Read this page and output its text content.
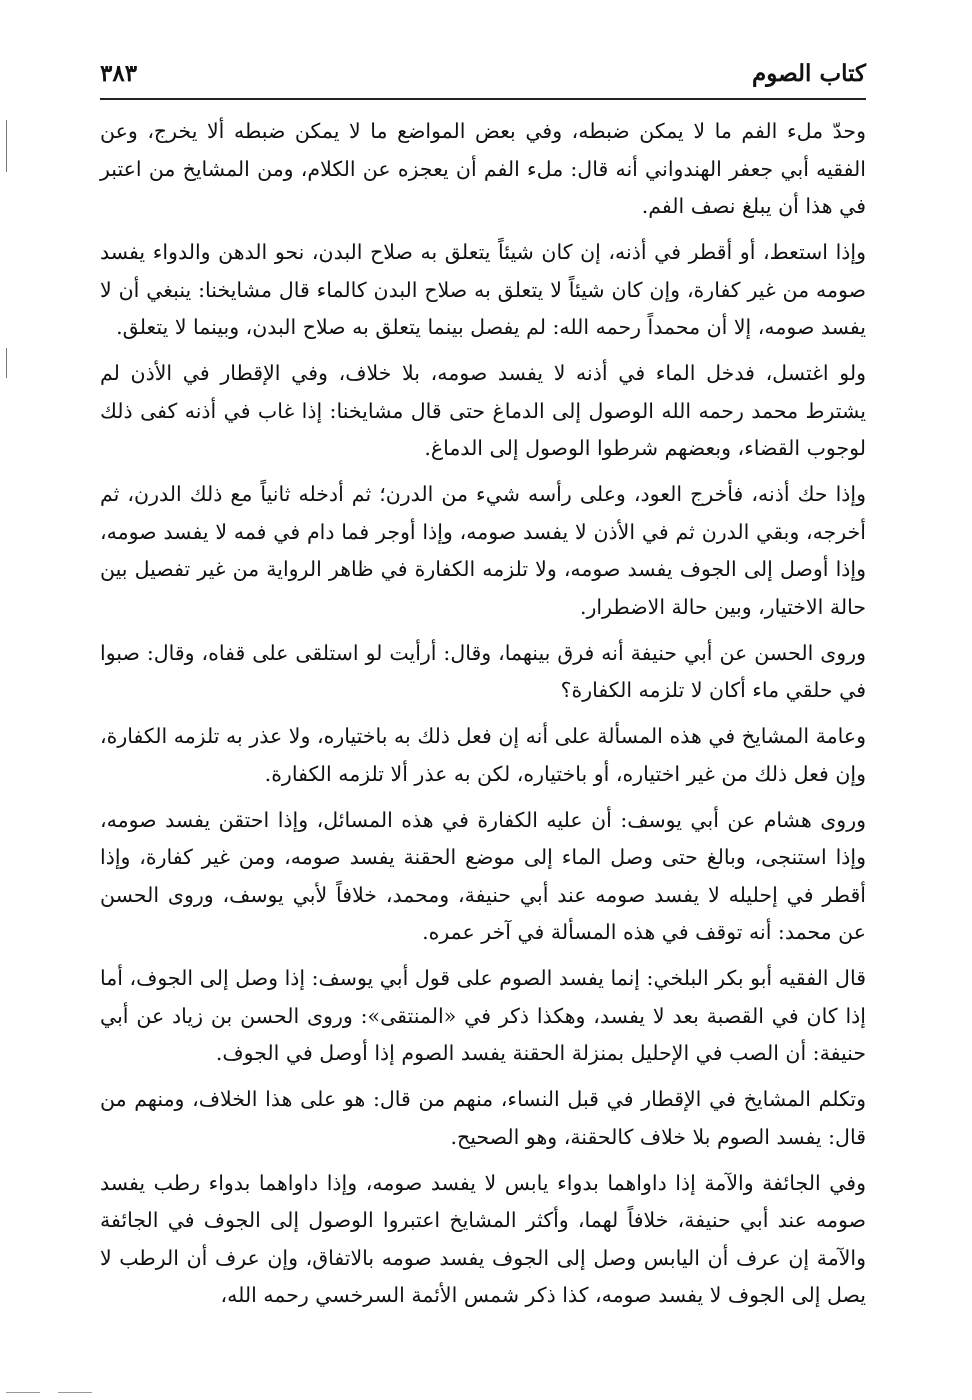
كتاب الصوم
٣٨٣

وحدّ ملء الفم ما لا يمكن ضبطه، وفي بعض المواضع ما لا يمكن ضبطه ألا يخرج، وعن الفقيه أبي جعفر الهندواني أنه قال: ملء الفم أن يعجزه عن الكلام، ومن المشايخ من اعتبر في هذا أن يبلغ نصف الفم.

وإذا استعط، أو أقطر في أذنه، إن كان شيئاً يتعلق به صلاح البدن، نحو الدهن والدواء يفسد صومه من غير كفارة، وإن كان شيئاً لا يتعلق به صلاح البدن كالماء قال مشايخنا: ينبغي أن لا يفسد صومه، إلا أن محمداً رحمه الله: لم يفصل بينما يتعلق به صلاح البدن، وبينما لا يتعلق.

ولو اغتسل، فدخل الماء في أذنه لا يفسد صومه، بلا خلاف، وفي الإقطار في الأذن لم يشترط محمد رحمه الله الوصول إلى الدماغ حتى قال مشايخنا: إذا غاب في أذنه كفى ذلك لوجوب القضاء، وبعضهم شرطوا الوصول إلى الدماغ.

وإذا حك أذنه، فأخرج العود، وعلى رأسه شيء من الدرن؛ ثم أدخله ثانياً مع ذلك الدرن، ثم أخرجه، وبقي الدرن ثم في الأذن لا يفسد صومه، وإذا أوجر فما دام في فمه لا يفسد صومه، وإذا أوصل إلى الجوف يفسد صومه، ولا تلزمه الكفارة في ظاهر الرواية من غير تفصيل بين حالة الاختيار، وبين حالة الاضطرار.

وروى الحسن عن أبي حنيفة أنه فرق بينهما، وقال: أرأيت لو استلقى على قفاه، وقال: صبوا في حلقي ماء أكان لا تلزمه الكفارة؟

وعامة المشايخ في هذه المسألة على أنه إن فعل ذلك به باختياره، ولا عذر به تلزمه الكفارة، وإن فعل ذلك من غير اختياره، أو باختياره، لكن به عذر ألا تلزمه الكفارة.

وروى هشام عن أبي يوسف: أن عليه الكفارة في هذه المسائل، وإذا احتقن يفسد صومه، وإذا استنجى، وبالغ حتى وصل الماء إلى موضع الحقنة يفسد صومه، ومن غير كفارة، وإذا أقطر في إحليله لا يفسد صومه عند أبي حنيفة، ومحمد، خلافاً لأبي يوسف، وروى الحسن عن محمد: أنه توقف في هذه المسألة في آخر عمره.

قال الفقيه أبو بكر البلخي: إنما يفسد الصوم على قول أبي يوسف: إذا وصل إلى الجوف، أما إذا كان في القصبة بعد لا يفسد، وهكذا ذكر في «المنتقى»: وروى الحسن بن زياد عن أبي حنيفة: أن الصب في الإحليل بمنزلة الحقنة يفسد الصوم إذا أوصل في الجوف.

وتكلم المشايخ في الإقطار في قبل النساء، منهم من قال: هو على هذا الخلاف، ومنهم من قال: يفسد الصوم بلا خلاف كالحقنة، وهو الصحيح.

وفي الجائفة والآمة إذا داواهما بدواء يابس لا يفسد صومه، وإذا داواهما بدواء رطب يفسد صومه عند أبي حنيفة، خلافاً لهما، وأكثر المشايخ اعتبروا الوصول إلى الجوف في الجائفة والآمة إن عرف أن اليابس وصل إلى الجوف يفسد صومه بالاتفاق، وإن عرف أن الرطب لا يصل إلى الجوف لا يفسد صومه، كذا ذكر شمس الأئمة السرخسي رحمه الله،
